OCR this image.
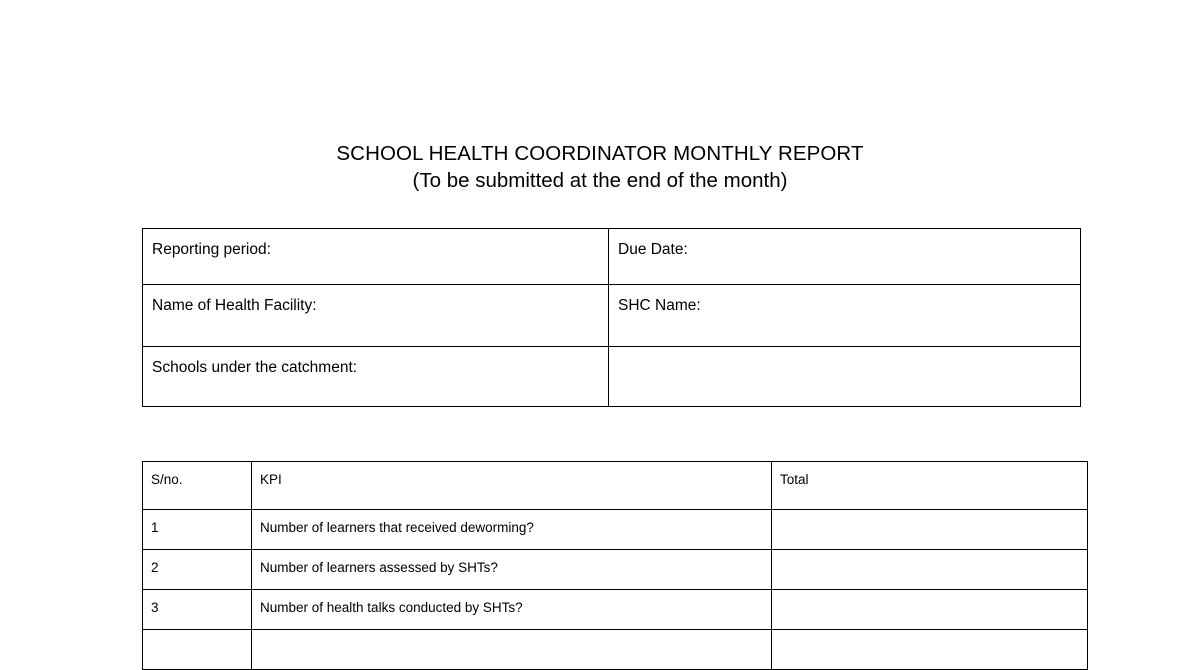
SCHOOL HEALTH COORDINATOR MONTHLY REPORT
(To be submitted at the end of the month)
Reporting period:	Due Date:
Name of Health Facility:	SHC Name:
Schools under the catchment:	
S/no.	KPI	Total
1	Number of learners that received deworming?	
2	Number of learners assessed by SHTs?	
3	Number of health talks conducted by SHTs?	
